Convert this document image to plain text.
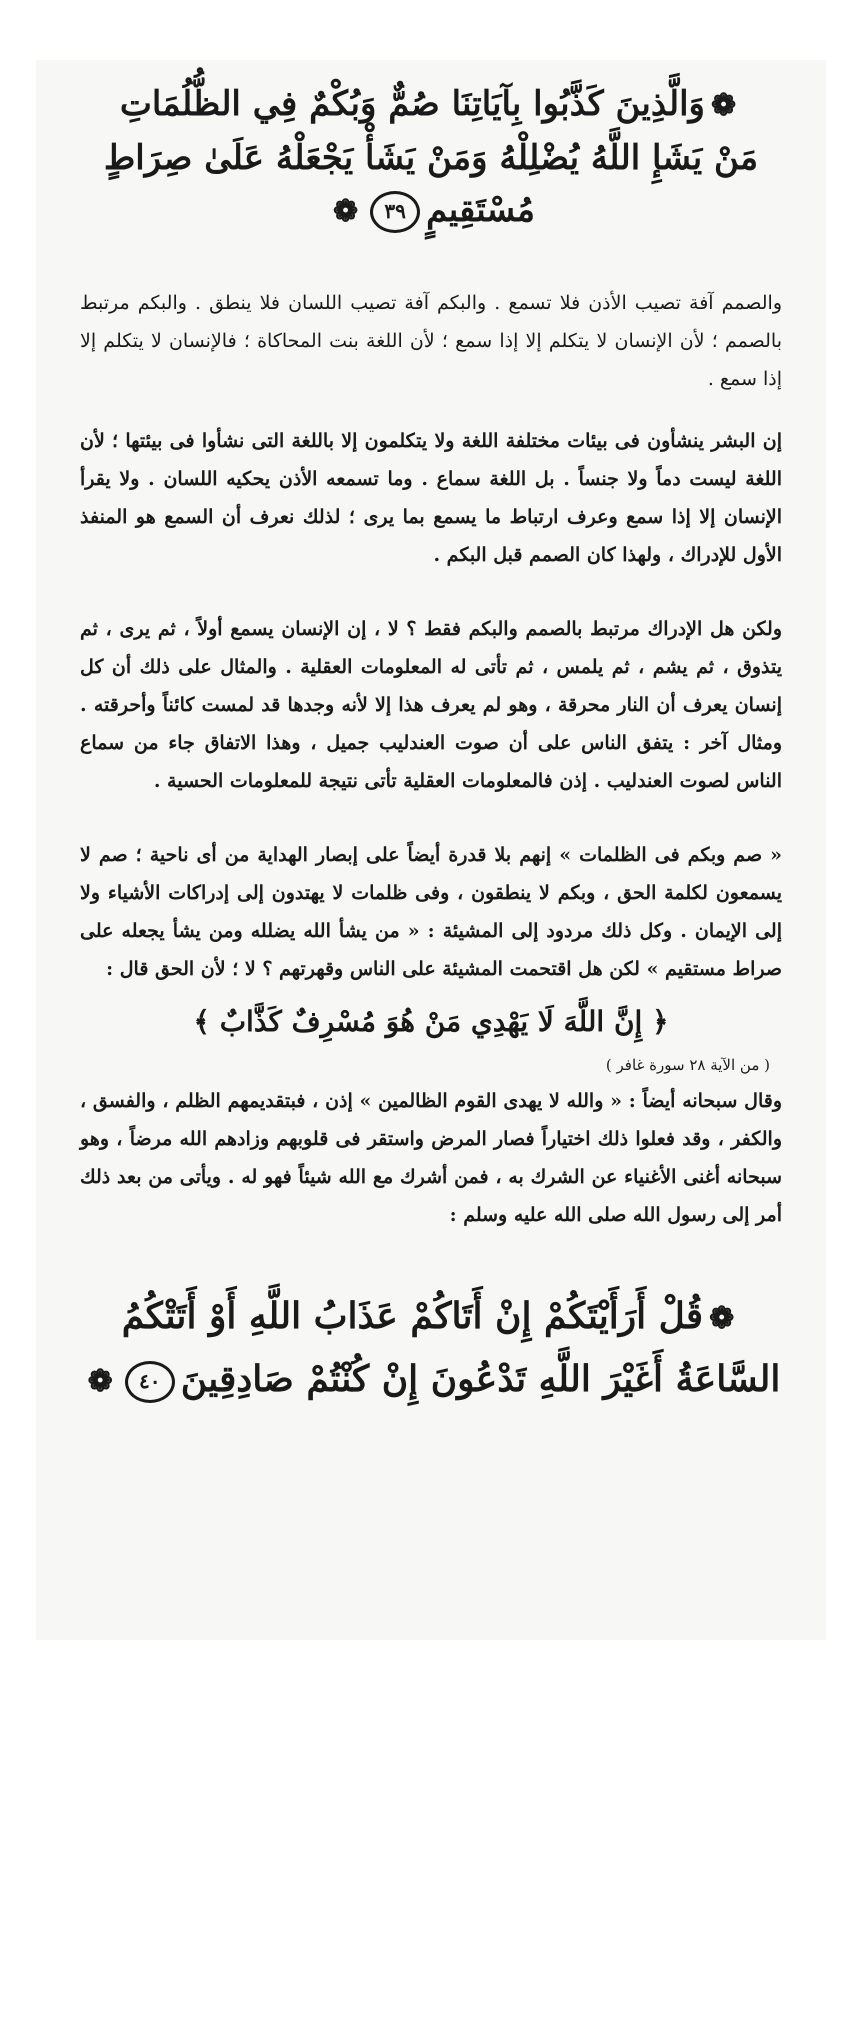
❁وَالَّذِينَ كَذَّبُوا بِآيَاتِنَا صُمٌّ وَبُكْمٌ فِي الظُّلُمَاتِ
مَنْ يَشَإِ اللَّهُ يُضْلِلْهُ وَمَنْ يَشَأْ يَجْعَلْهُ عَلَىٰ صِرَاطٍ
مُسْتَقِيمٍ٣٩❁

والصمم آفة تصيب الأذن فلا تسمع . والبكم آفة تصيب اللسان فلا ينطق . والبكم مرتبط بالصمم ؛ لأن الإنسان لا يتكلم إلا إذا سمع ؛ لأن اللغة بنت المحاكاة ؛ فالإنسان لا يتكلم إلا إذا سمع .

إن البشر ينشأون فى بيئات مختلفة اللغة ولا يتكلمون إلا باللغة التى نشأوا فى بيئتها ؛ لأن اللغة ليست دماً ولا جنساً . بل اللغة سماع . وما تسمعه الأذن يحكيه اللسان . ولا يقرأ الإنسان إلا إذا سمع وعرف ارتباط ما يسمع بما يرى ؛ لذلك نعرف أن السمع هو المنفذ الأول للإدراك ، ولهذا كان الصمم قبل البكم .

ولكن هل الإدراك مرتبط بالصمم والبكم فقط ؟ لا ، إن الإنسان يسمع أولاً ، ثم يرى ، ثم يتذوق ، ثم يشم ، ثم يلمس ، ثم تأتى له المعلومات العقلية . والمثال على ذلك أن كل إنسان يعرف أن النار محرقة ، وهو لم يعرف هذا إلا لأنه وجدها قد لمست كائناً وأحرقته . ومثال آخر : يتفق الناس على أن صوت العندليب جميل ، وهذا الاتفاق جاء من سماع الناس لصوت العندليب . إذن فالمعلومات العقلية تأتى نتيجة للمعلومات الحسية .

« صم وبكم فى الظلمات » إنهم بلا قدرة أيضاً على إبصار الهداية من أى ناحية ؛ صم لا يسمعون لكلمة الحق ، وبكم لا ينطقون ، وفى ظلمات لا يهتدون إلى إدراكات الأشياء ولا إلى الإيمان . وكل ذلك مردود إلى المشيئة : « من يشأ الله يضلله ومن يشأ يجعله على صراط مستقيم » لكن هل اقتحمت المشيئة على الناس وقهرتهم ؟ لا ؛ لأن الحق قال :

﴿ إِنَّ اللَّهَ لَا يَهْدِي مَنْ هُوَ مُسْرِفٌ كَذَّابٌ ﴾
( من الآية ٢٨ سورة غافر )

وقال سبحانه أيضاً : « والله لا يهدى القوم الظالمين » إذن ، فبتقديمهم الظلم ، والفسق ، والكفر ، وقد فعلوا ذلك اختياراً فصار المرض واستقر فى قلوبهم وزادهم الله مرضاً ، وهو سبحانه أغنى الأغنياء عن الشرك به ، فمن أشرك مع الله شيئاً فهو له . ويأتى من بعد ذلك أمر إلى رسول الله صلى الله عليه وسلم :

❁قُلْ أَرَأَيْتَكُمْ إِنْ أَتَاكُمْ عَذَابُ اللَّهِ أَوْ أَتَتْكُمُ
السَّاعَةُ أَغَيْرَ اللَّهِ تَدْعُونَ إِنْ كُنْتُمْ صَادِقِينَ٤٠❁
